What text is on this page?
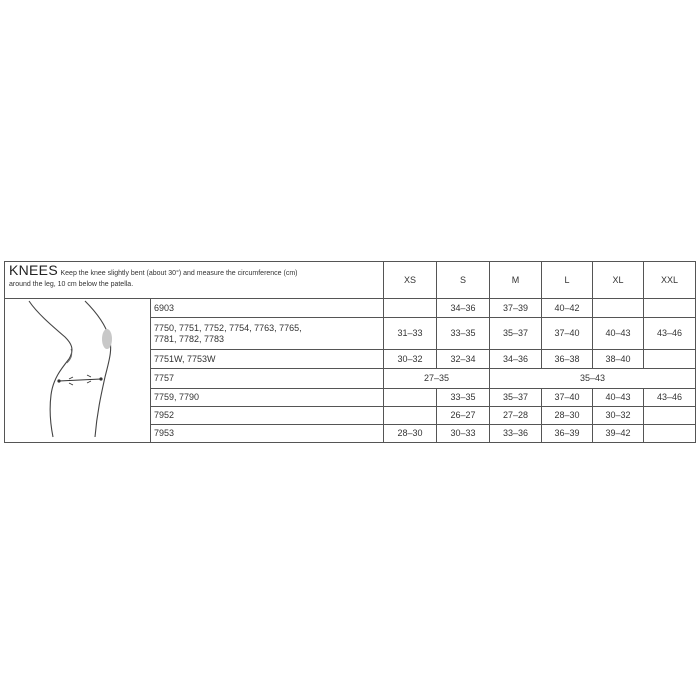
KNEES Keep the knee slightly bent (about 30°) and measure the circumference (cm)
around the leg, 10 cm below the patella.		XS	S	M	L	XL	XXL
	6903		34–36	37–39	40–42		
	7750, 7751, 7752, 7754, 7763, 7765,
7781, 7782, 7783	31–33	33–35	35–37	37–40	40–43	43–46
	7751W, 7753W	30–32	32–34	34–36	36–38	38–40	
	7757	27–35		35–43			
	7759, 7790		33–35	35–37	37–40	40–43	43–46
	7952		26–27	27–28	28–30	30–32	
	7953	28–30	30–33	33–36	36–39	39–42	
